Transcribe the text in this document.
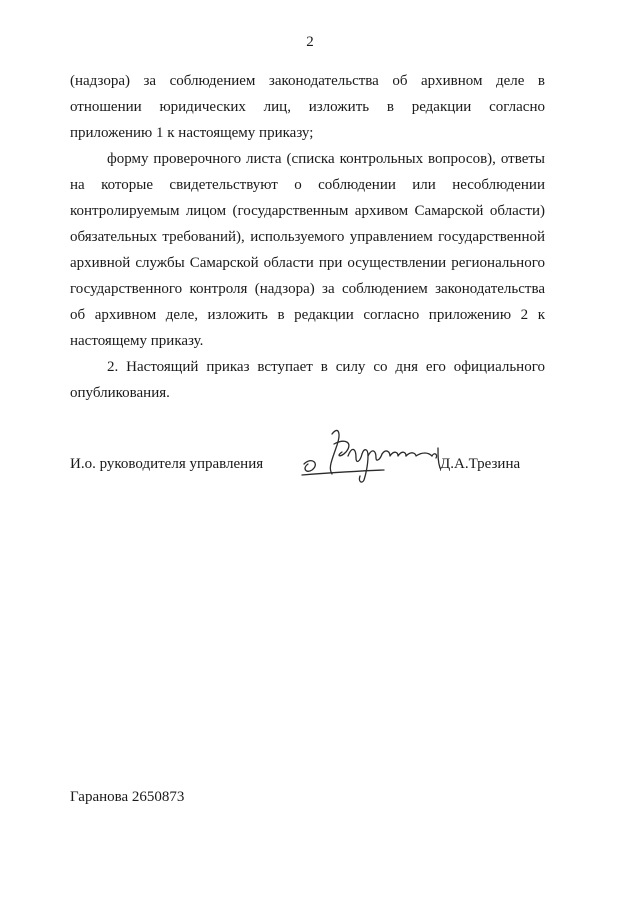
2

(надзора) за соблюдением законодательства об архивном деле в отношении юридических лиц, изложить в редакции согласно приложению 1 к настоящему приказу;

форму проверочного листа (списка контрольных вопросов), ответы на которые свидетельствуют о соблюдении или несоблюдении контролируемым лицом (государственным архивом Самарской области) обязательных требований), используемого управлением государственной архивной службы Самарской области при осуществлении регионального государственного контроля (надзора) за соблюдением законодательства об архивном деле, изложить в редакции согласно приложению 2 к настоящему приказу.

2. Настоящий приказ вступает в силу со дня его официального опубликования.

И.о. руководителя управления	Д.А.Трезина
Гаранова 2650873
